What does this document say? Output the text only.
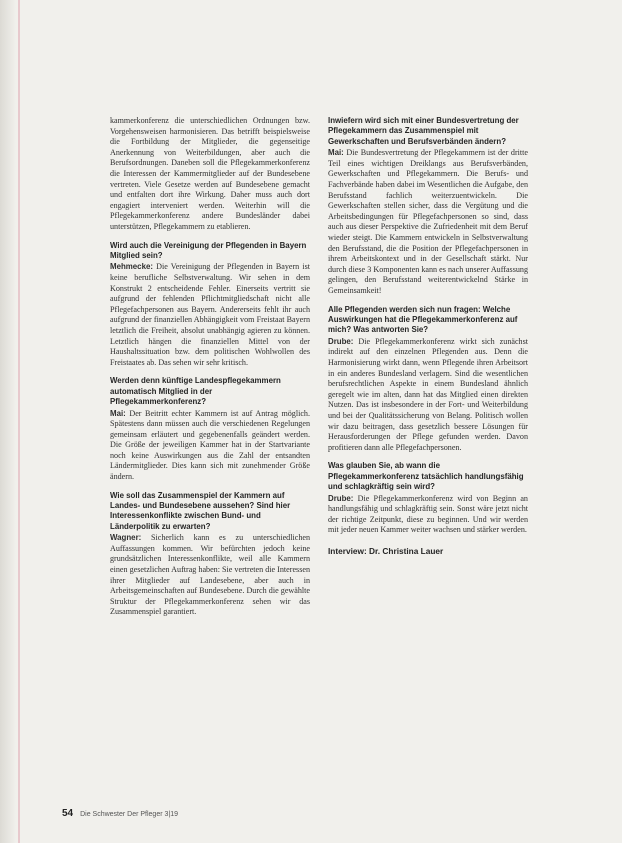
kammerkonferenz die unterschiedlichen Ordnungen bzw. Vorgehensweisen harmonisieren. Das betrifft beispielsweise die Fortbildung der Mitglieder, die gegenseitige Anerkennung von Weiterbildungen, aber auch die Berufsordnungen. Daneben soll die Pflegekammerkonferenz die Interessen der Kammermitglieder auf der Bundesebene vertreten. Viele Gesetze werden auf Bundesebene gemacht und entfalten dort ihre Wirkung. Daher muss auch dort engagiert interveniert werden. Weiterhin will die Pflegekammerkonferenz andere Bundesländer dabei unterstützen, Pflegekammern zu etablieren.

Wird auch die Vereinigung der Pflegenden in Bayern Mitglied sein?

Mehmecke: Die Vereinigung der Pflegenden in Bayern ist keine berufliche Selbstverwaltung. Wir sehen in dem Konstrukt 2 entscheidende Fehler. Einerseits vertritt sie aufgrund der fehlenden Pflichtmitgliedschaft nicht alle Pflegefachpersonen aus Bayern. Andererseits fehlt ihr auch aufgrund der finanziellen Abhängigkeit vom Freistaat Bayern letztlich die Freiheit, absolut unabhängig agieren zu können. Letztlich hängen die finanziellen Mittel von der Haushaltssituation bzw. dem politischen Wohlwollen des Freistaates ab. Das sehen wir sehr kritisch.

Werden denn künftige Landespflegekammern automatisch Mitglied in der Pflegekammerkonferenz?

Mai: Der Beitritt echter Kammern ist auf Antrag möglich. Spätestens dann müssen auch die verschiedenen Regelungen gemeinsam erläutert und gegebenenfalls geändert werden. Die Größe der jeweiligen Kammer hat in der Startvariante noch keine Auswirkungen aus die Zahl der entsandten Ländermitglieder. Dies kann sich mit zunehmender Größe ändern.

Wie soll das Zusammenspiel der Kammern auf Landes- und Bundesebene aussehen? Sind hier Interessenkonflikte zwischen Bund- und Länderpolitik zu erwarten?

Wagner: Sicherlich kann es zu unterschiedlichen Auffassungen kommen. Wir befürchten jedoch keine grundsätzlichen Interessenkonflikte, weil alle Kammern einen gesetzlichen Auftrag haben: Sie vertreten die Interessen ihrer Mitglieder auf Landesebene, aber auch in Arbeitsgemeinschaften auf Bundesebene. Durch die gewählte Struktur der Pflegekammerkonferenz sehen wir das Zusammenspiel garantiert.

Inwiefern wird sich mit einer Bundesvertretung der Pflegekammern das Zusammenspiel mit Gewerkschaften und Berufsverbänden ändern?

Mai: Die Bundesvertretung der Pflegekammern ist der dritte Teil eines wichtigen Dreiklangs aus Berufsverbänden, Gewerkschaften und Pflegekammern. Die Berufs- und Fachverbände haben dabei im Wesentlichen die Aufgabe, den Berufsstand fachlich weiterzuentwickeln. Die Gewerkschaften stellen sicher, dass die Vergütung und die Arbeitsbedingungen für Pflegefachpersonen so sind, dass auch aus dieser Perspektive die Zufriedenheit mit dem Beruf wieder steigt. Die Kammern entwickeln in Selbstverwaltung den Berufsstand, die die Position der Pflegefachpersonen in ihrem Arbeitskontext und in der Gesellschaft stärkt. Nur durch diese 3 Komponenten kann es nach unserer Auffassung gelingen, den Berufsstand weiterentwickelnd Stärke in Gemeinsamkeit!

Alle Pflegenden werden sich nun fragen: Welche Auswirkungen hat die Pflegekammerkonferenz auf mich? Was antworten Sie?

Drube: Die Pflegekammerkonferenz wirkt sich zunächst indirekt auf den einzelnen Pflegenden aus. Denn die Harmonisierung wirkt dann, wenn Pflegende ihren Arbeitsort in ein anderes Bundesland verlagern. Sind die wesentlichen berufsrechtlichen Aspekte in einem Bundesland ähnlich geregelt wie im alten, dann hat das Mitglied einen direkten Nutzen. Das ist insbesondere in der Fort- und Weiterbildung und bei der Qualitätssicherung von Belang. Politisch wollen wir dazu beitragen, dass gesetzlich bessere Lösungen für Herausforderungen der Pflege gefunden werden. Davon profitieren dann alle Pflegefachpersonen.

Was glauben Sie, ab wann die Pflegekammerkonferenz tatsächlich handlungsfähig und schlagkräftig sein wird?

Drube: Die Pflegekammerkonferenz wird von Beginn an handlungsfähig und schlagkräftig sein. Sonst wäre jetzt nicht der richtige Zeitpunkt, diese zu beginnen. Und wir werden mit jeder neuen Kammer weiter wachsen und stärker werden.

Interview: Dr. Christina Lauer
54 Die Schwester Der Pfleger 3|19
